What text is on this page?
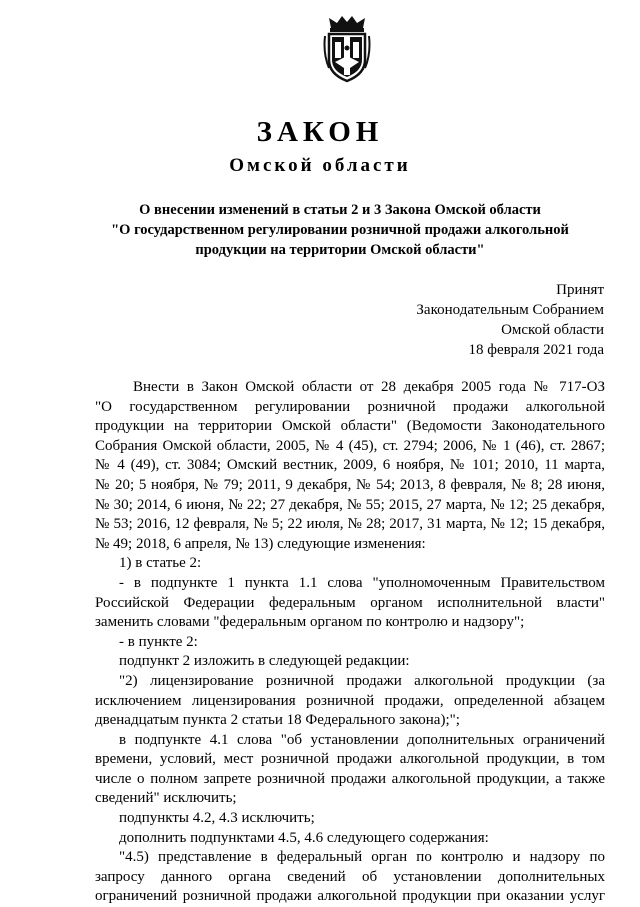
ЗАКОН
Омской области
О внесении изменений в статьи 2 и 3 Закона Омской области
"О государственном регулировании розничной продажи алкогольной
продукции на территории Омской области"
Принят
Законодательным Собранием
Омской области
18 февраля 2021 года
Внести в Закон Омской области от 28 декабря 2005 года № 717-ОЗ
"О государственном регулировании розничной продажи алкогольной
продукции на территории Омской области" (Ведомости Законодательного
Собрания Омской области, 2005, № 4 (45), ст. 2794; 2006, № 1 (46), ст. 2867;
№ 4 (49), ст. 3084; Омский вестник, 2009, 6 ноября, № 101; 2010, 11 марта,
№ 20; 5 ноября, № 79; 2011, 9 декабря, № 54; 2013, 8 февраля, № 8; 28 июня,
№ 30; 2014, 6 июня, № 22; 27 декабря, № 55; 2015, 27 марта, № 12; 25 декабря,
№ 53; 2016, 12 февраля, № 5; 22 июля, № 28; 2017, 31 марта, № 12; 15 декабря,
№ 49; 2018, 6 апреля, № 13) следующие изменения:
1) в статье 2:
- в подпункте 1 пункта 1.1 слова "уполномоченным Правительством
Российской Федерации федеральным органом исполнительной власти"
заменить словами "федеральным органом по контролю и надзору";
- в пункте 2:
подпункт 2 изложить в следующей редакции:
"2) лицензирование розничной продажи алкогольной продукции (за
исключением лицензирования розничной продажи, определенной абзацем
двенадцатым пункта 2 статьи 18 Федерального закона);";
в подпункте 4.1 слова "об установлении дополнительных ограничений
времени, условий, мест розничной продажи алкогольной продукции, в том
числе о полном запрете розничной продажи алкогольной продукции, а также
сведений" исключить;
подпункты 4.2, 4.3 исключить;
дополнить подпунктами 4.5, 4.6 следующего содержания:
"4.5) представление в федеральный орган по контролю и надзору по
запросу данного органа сведений об установлении дополнительных
ограничений розничной продажи алкогольной продукции при оказании услуг
